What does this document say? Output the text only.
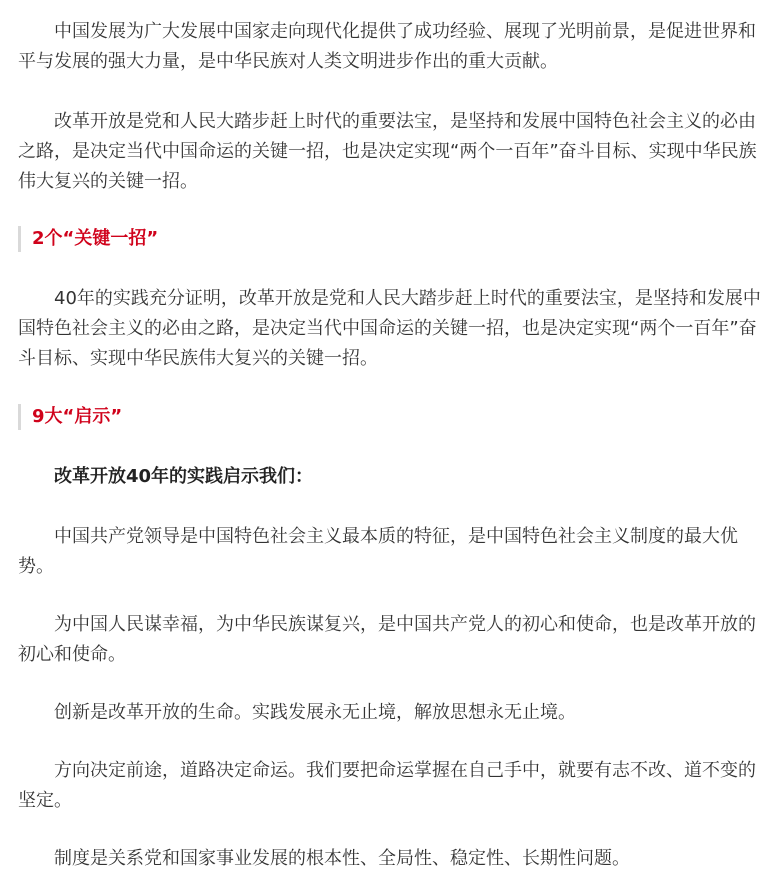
中国发展为广大发展中国家走向现代化提供了成功经验、展现了光明前景，是促进世界和平与发展的强大力量，是中华民族对人类文明进步作出的重大贡献。

改革开放是党和人民大踏步赶上时代的重要法宝，是坚持和发展中国特色社会主义的必由之路，是决定当代中国命运的关键一招，也是决定实现“两个一百年”奋斗目标、实现中华民族伟大复兴的关键一招。

2个“关键一招”

40年的实践充分证明，改革开放是党和人民大踏步赶上时代的重要法宝，是坚持和发展中国特色社会主义的必由之路，是决定当代中国命运的关键一招，也是决定实现“两个一百年”奋斗目标、实现中华民族伟大复兴的关键一招。

9大“启示”

改革开放40年的实践启示我们：

中国共产党领导是中国特色社会主义最本质的特征，是中国特色社会主义制度的最大优势。

为中国人民谋幸福，为中华民族谋复兴，是中国共产党人的初心和使命，也是改革开放的初心和使命。

创新是改革开放的生命。实践发展永无止境，解放思想永无止境。

方向决定前途，道路决定命运。我们要把命运掌握在自己手中，就要有志不改、道不变的坚定。

制度是关系党和国家事业发展的根本性、全局性、稳定性、长期性问题。
